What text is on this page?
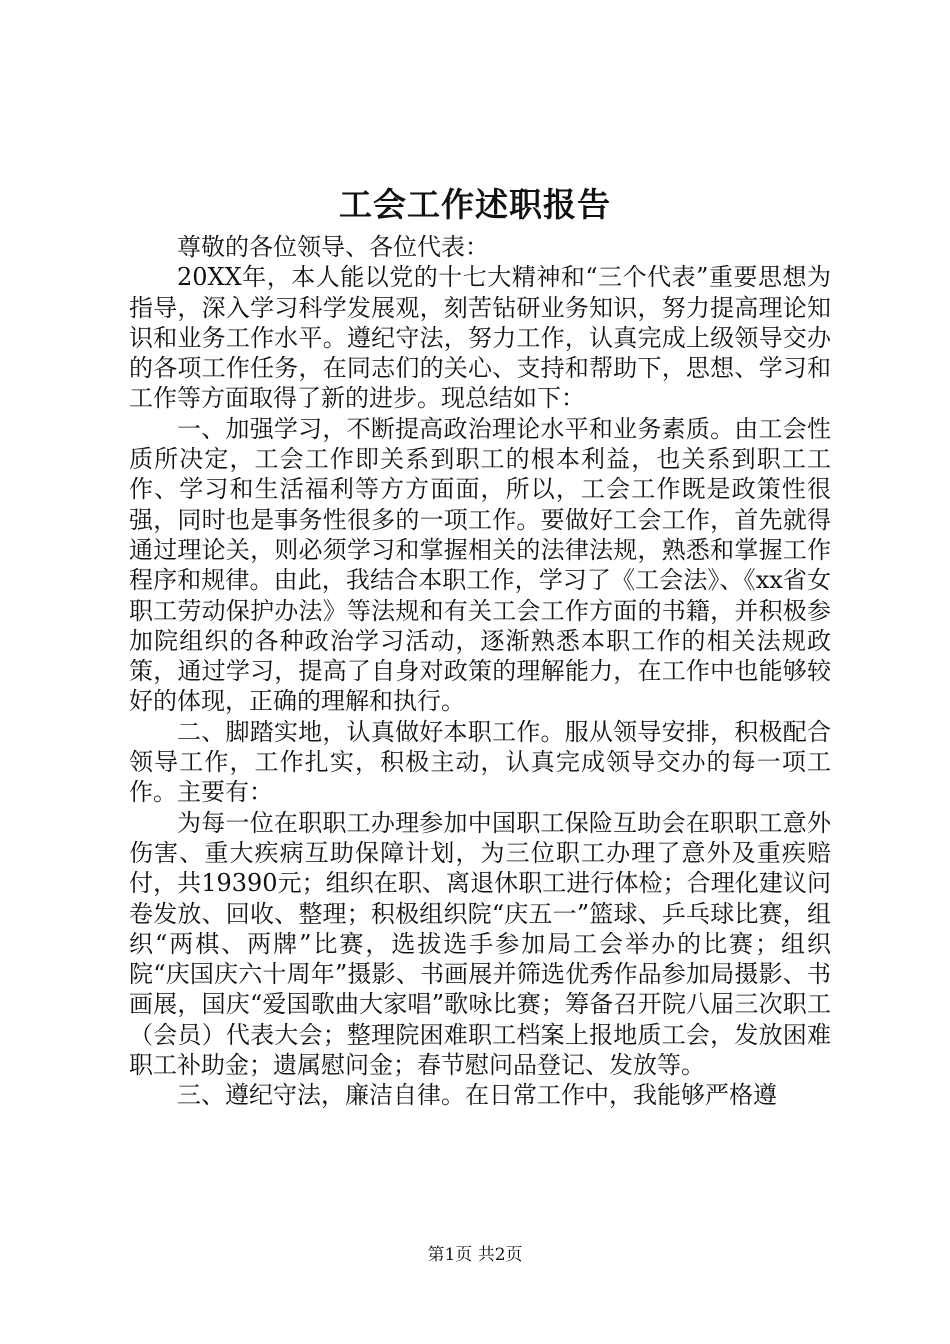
工会工作述职报告

尊敬的各位领导、各位代表：

20XX年，本人能以党的十七大精神和“三个代表”重要思想为指导，深入学习科学发展观，刻苦钻研业务知识，努力提高理论知识和业务工作水平。遵纪守法，努力工作，认真完成上级领导交办的各项工作任务，在同志们的关心、支持和帮助下，思想、学习和工作等方面取得了新的进步。现总结如下：

一、加强学习，不断提高政治理论水平和业务素质。由工会性质所决定，工会工作即关系到职工的根本利益，也关系到职工工作、学习和生活福利等方方面面，所以，工会工作既是政策性很强，同时也是事务性很多的一项工作。要做好工会工作，首先就得通过理论关，则必须学习和掌握相关的法律法规，熟悉和掌握工作程序和规律。由此，我结合本职工作，学习了《工会法》、《xx省女职工劳动保护办法》等法规和有关工会工作方面的书籍，并积极参加院组织的各种政治学习活动，逐渐熟悉本职工作的相关法规政策，通过学习，提高了自身对政策的理解能力，在工作中也能够较好的体现，正确的理解和执行。

二、脚踏实地，认真做好本职工作。服从领导安排，积极配合领导工作，工作扎实，积极主动，认真完成领导交办的每一项工作。主要有：

为每一位在职职工办理参加中国职工保险互助会在职职工意外伤害、重大疾病互助保障计划，为三位职工办理了意外及重疾赔付，共19390元；组织在职、离退休职工进行体检；合理化建议问卷发放、回收、整理；积极组织院“庆五一”篮球、乒乓球比赛，组织“两棋、两牌”比赛，选拔选手参加局工会举办的比赛；组织院“庆国庆六十周年”摄影、书画展并筛选优秀作品参加局摄影、书画展，国庆“爱国歌曲大家唱”歌咏比赛；筹备召开院八届三次职工（会员）代表大会；整理院困难职工档案上报地质工会，发放困难职工补助金；遗属慰问金；春节慰问品登记、发放等。

三、遵纪守法，廉洁自律。在日常工作中，我能够严格遵

第1页 共2页
